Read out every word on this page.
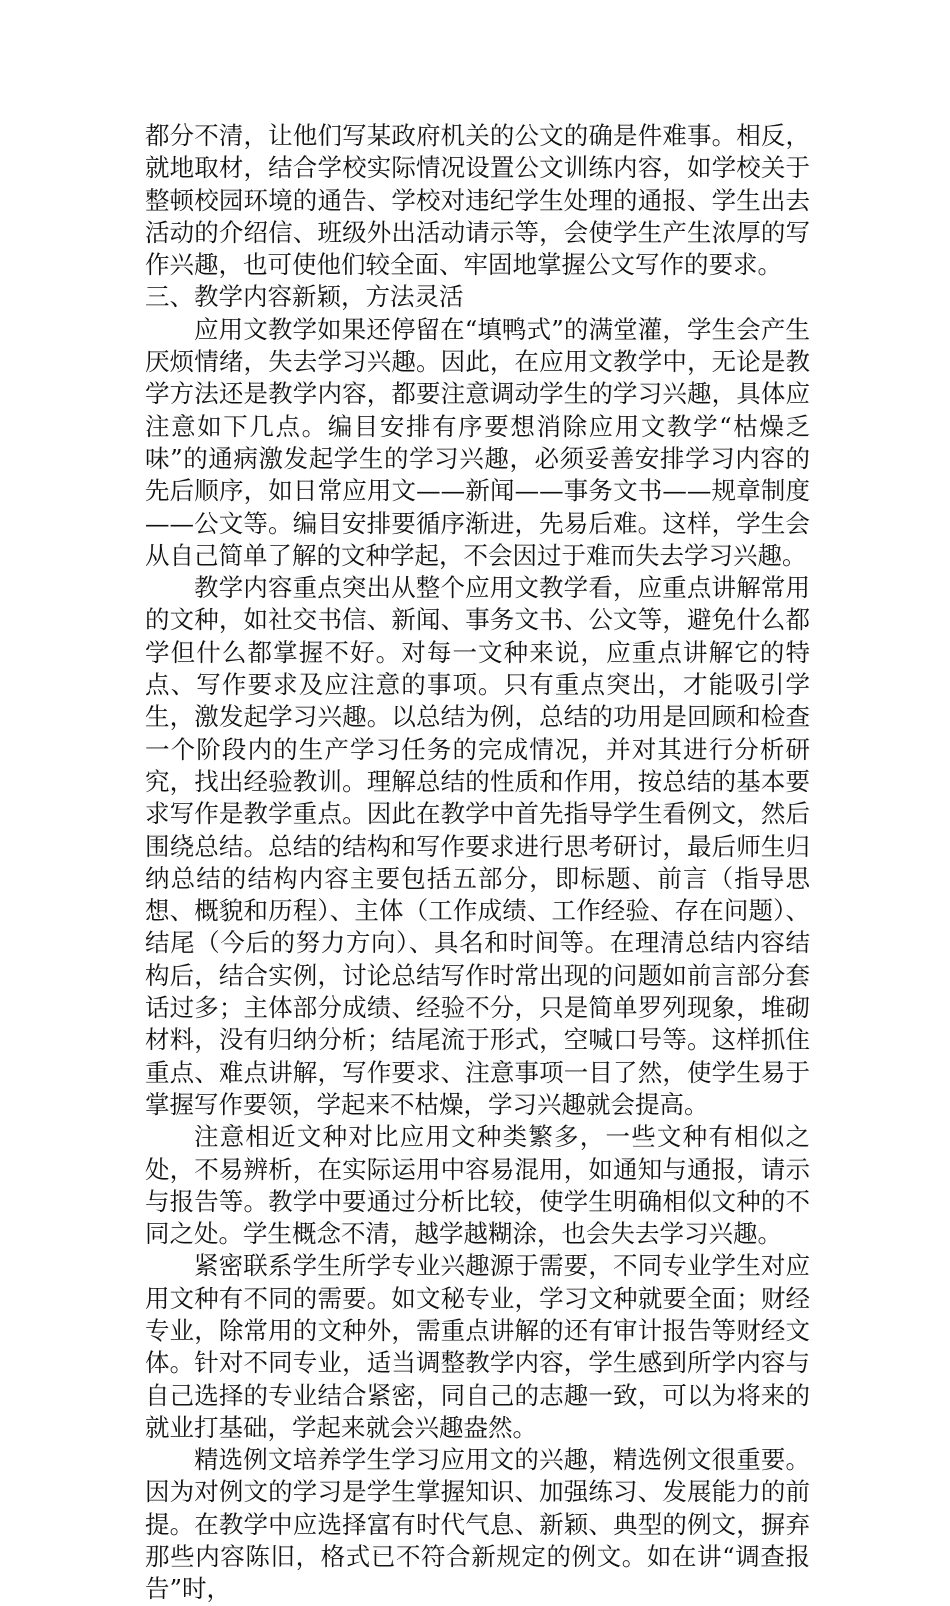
都分不清，让他们写某政府机关的公文的确是件难事。相反，就地取材，结合学校实际情况设置公文训练内容，如学校关于整顿校园环境的通告、学校对违纪学生处理的通报、学生出去活动的介绍信、班级外出活动请示等，会使学生产生浓厚的写作兴趣，也可使他们较全面、牢固地掌握公文写作的要求。

三、教学内容新颖，方法灵活

应用文教学如果还停留在“填鸭式”的满堂灌，学生会产生厌烦情绪，失去学习兴趣。因此，在应用文教学中，无论是教学方法还是教学内容，都要注意调动学生的学习兴趣，具体应注意如下几点。编目安排有序要想消除应用文教学“枯燥乏味”的通病激发起学生的学习兴趣，必须妥善安排学习内容的先后顺序，如日常应用文——新闻——事务文书——规章制度——公文等。编目安排要循序渐进，先易后难。这样，学生会从自己简单了解的文种学起，不会因过于难而失去学习兴趣。

教学内容重点突出从整个应用文教学看，应重点讲解常用的文种，如社交书信、新闻、事务文书、公文等，避免什么都学但什么都掌握不好。对每一文种来说，应重点讲解它的特点、写作要求及应注意的事项。只有重点突出，才能吸引学生，激发起学习兴趣。以总结为例，总结的功用是回顾和检查一个阶段内的生产学习任务的完成情况，并对其进行分析研究，找出经验教训。理解总结的性质和作用，按总结的基本要求写作是教学重点。因此在教学中首先指导学生看例文，然后围绕总结。总结的结构和写作要求进行思考研讨，最后师生归纳总结的结构内容主要包括五部分，即标题、前言（指导思想、概貌和历程）、主体（工作成绩、工作经验、存在问题）、结尾（今后的努力方向）、具名和时间等。在理清总结内容结构后，结合实例，讨论总结写作时常出现的问题如前言部分套话过多；主体部分成绩、经验不分，只是简单罗列现象，堆砌材料，没有归纳分析；结尾流于形式，空喊口号等。这样抓住重点、难点讲解，写作要求、注意事项一目了然，使学生易于掌握写作要领，学起来不枯燥，学习兴趣就会提高。

注意相近文种对比应用文种类繁多，一些文种有相似之处，不易辨析，在实际运用中容易混用，如通知与通报，请示与报告等。教学中要通过分析比较，使学生明确相似文种的不同之处。学生概念不清，越学越糊涂，也会失去学习兴趣。

紧密联系学生所学专业兴趣源于需要，不同专业学生对应用文种有不同的需要。如文秘专业，学习文种就要全面；财经专业，除常用的文种外，需重点讲解的还有审计报告等财经文体。针对不同专业，适当调整教学内容，学生感到所学内容与自己选择的专业结合紧密，同自己的志趣一致，可以为将来的就业打基础，学起来就会兴趣盎然。

精选例文培养学生学习应用文的兴趣，精选例文很重要。因为对例文的学习是学生掌握知识、加强练习、发展能力的前提。在教学中应选择富有时代气息、新颖、典型的例文，摒弃那些内容陈旧，格式已不符合新规定的例文。如在讲“调查报告”时，
